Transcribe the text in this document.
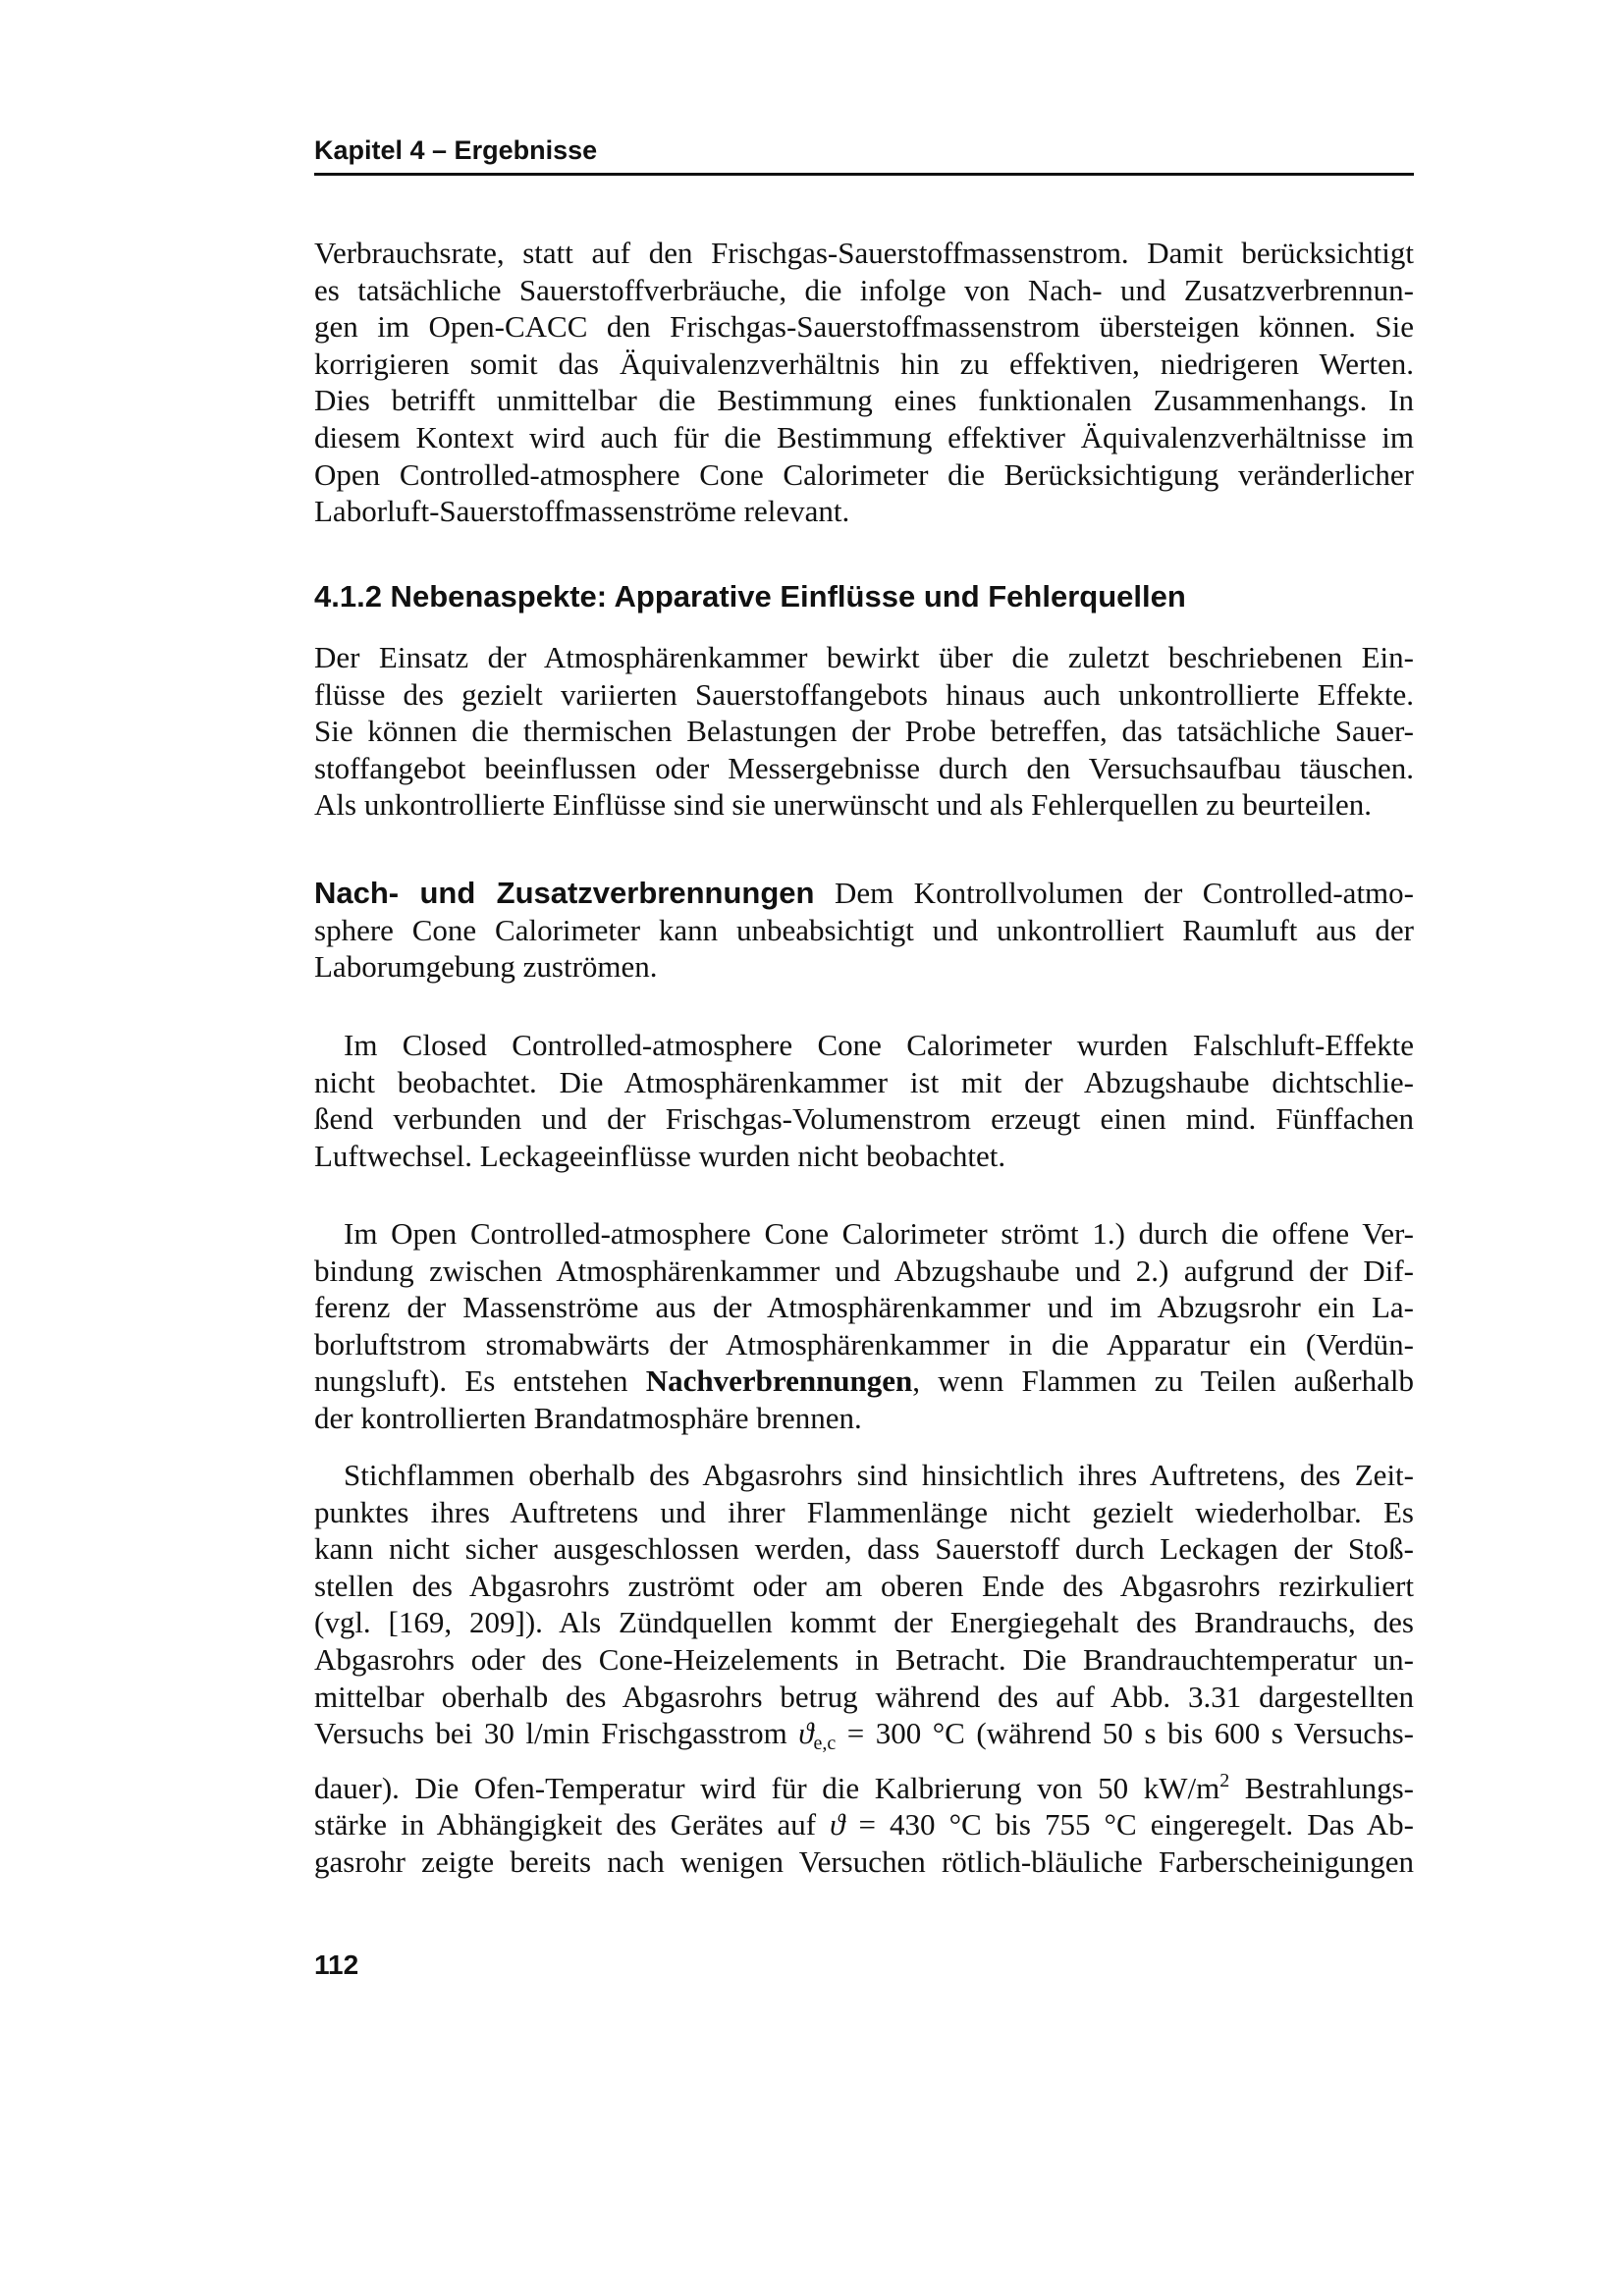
Kapitel 4 – Ergebnisse
Verbrauchsrate, statt auf den Frischgas-Sauerstoffmassenstrom. Damit berücksichtigt
es tatsächliche Sauerstoffverbräuche, die infolge von Nach- und Zusatzverbrennun-
gen im Open-CACC den Frischgas-Sauerstoffmassenstrom übersteigen können. Sie
korrigieren somit das Äquivalenzverhältnis hin zu effektiven, niedrigeren Werten.
Dies betrifft unmittelbar die Bestimmung eines funktionalen Zusammenhangs. In
diesem Kontext wird auch für die Bestimmung effektiver Äquivalenzverhältnisse im
Open Controlled-atmosphere Cone Calorimeter die Berücksichtigung veränderlicher
Laborluft-Sauerstoffmassenströme relevant.
4.1.2 Nebenaspekte: Apparative Einflüsse und Fehlerquellen
Der Einsatz der Atmosphärenkammer bewirkt über die zuletzt beschriebenen Ein-
flüsse des gezielt variierten Sauerstoffangebots hinaus auch unkontrollierte Effekte.
Sie können die thermischen Belastungen der Probe betreffen, das tatsächliche Sauer-
stoffangebot beeinflussen oder Messergebnisse durch den Versuchsaufbau täuschen.
Als unkontrollierte Einflüsse sind sie unerwünscht und als Fehlerquellen zu beurteilen.
Nach- und Zusatzverbrennungen Dem Kontrollvolumen der Controlled-atmo-
sphere Cone Calorimeter kann unbeabsichtigt und unkontrolliert Raumluft aus der
Laborumgebung zuströmen.
Im Closed Controlled-atmosphere Cone Calorimeter wurden Falschluft-Effekte
nicht beobachtet. Die Atmosphärenkammer ist mit der Abzugshaube dichtschlie-
ßend verbunden und der Frischgas-Volumenstrom erzeugt einen mind. Fünffachen
Luftwechsel. Leckageeinflüsse wurden nicht beobachtet.
Im Open Controlled-atmosphere Cone Calorimeter strömt 1.) durch die offene Ver-
bindung zwischen Atmosphärenkammer und Abzugshaube und 2.) aufgrund der Dif-
ferenz der Massenströme aus der Atmosphärenkammer und im Abzugsrohr ein La-
borluftstrom stromabwärts der Atmosphärenkammer in die Apparatur ein (Verdün-
nungsluft). Es entstehen Nachverbrennungen, wenn Flammen zu Teilen außerhalb
der kontrollierten Brandatmosphäre brennen.
Stichflammen oberhalb des Abgasrohrs sind hinsichtlich ihres Auftretens, des Zeit-
punktes ihres Auftretens und ihrer Flammenlänge nicht gezielt wiederholbar. Es
kann nicht sicher ausgeschlossen werden, dass Sauerstoff durch Leckagen der Stoß-
stellen des Abgasrohrs zuströmt oder am oberen Ende des Abgasrohrs rezirkuliert
(vgl. [169, 209]). Als Zündquellen kommt der Energiegehalt des Brandrauchs, des
Abgasrohrs oder des Cone-Heizelements in Betracht. Die Brandrauchtemperatur un-
mittelbar oberhalb des Abgasrohrs betrug während des auf Abb. 3.31 dargestellten
Versuchs bei 30 l/min Frischgasstrom $ϑ_{e,c} = 300$ °C (während 50 s bis 600 s Versuchs-
dauer). Die Ofen-Temperatur wird für die Kalbrierung von 50 $kW/m^2$ Bestrahlungs-
stärke in Abhängigkeit des Gerätes auf ϑ = 430 °C bis 755 °C eingeregelt. Das Ab-
gasrohr zeigte bereits nach wenigen Versuchen rötlich-bläuliche Farberscheinigungen
112
